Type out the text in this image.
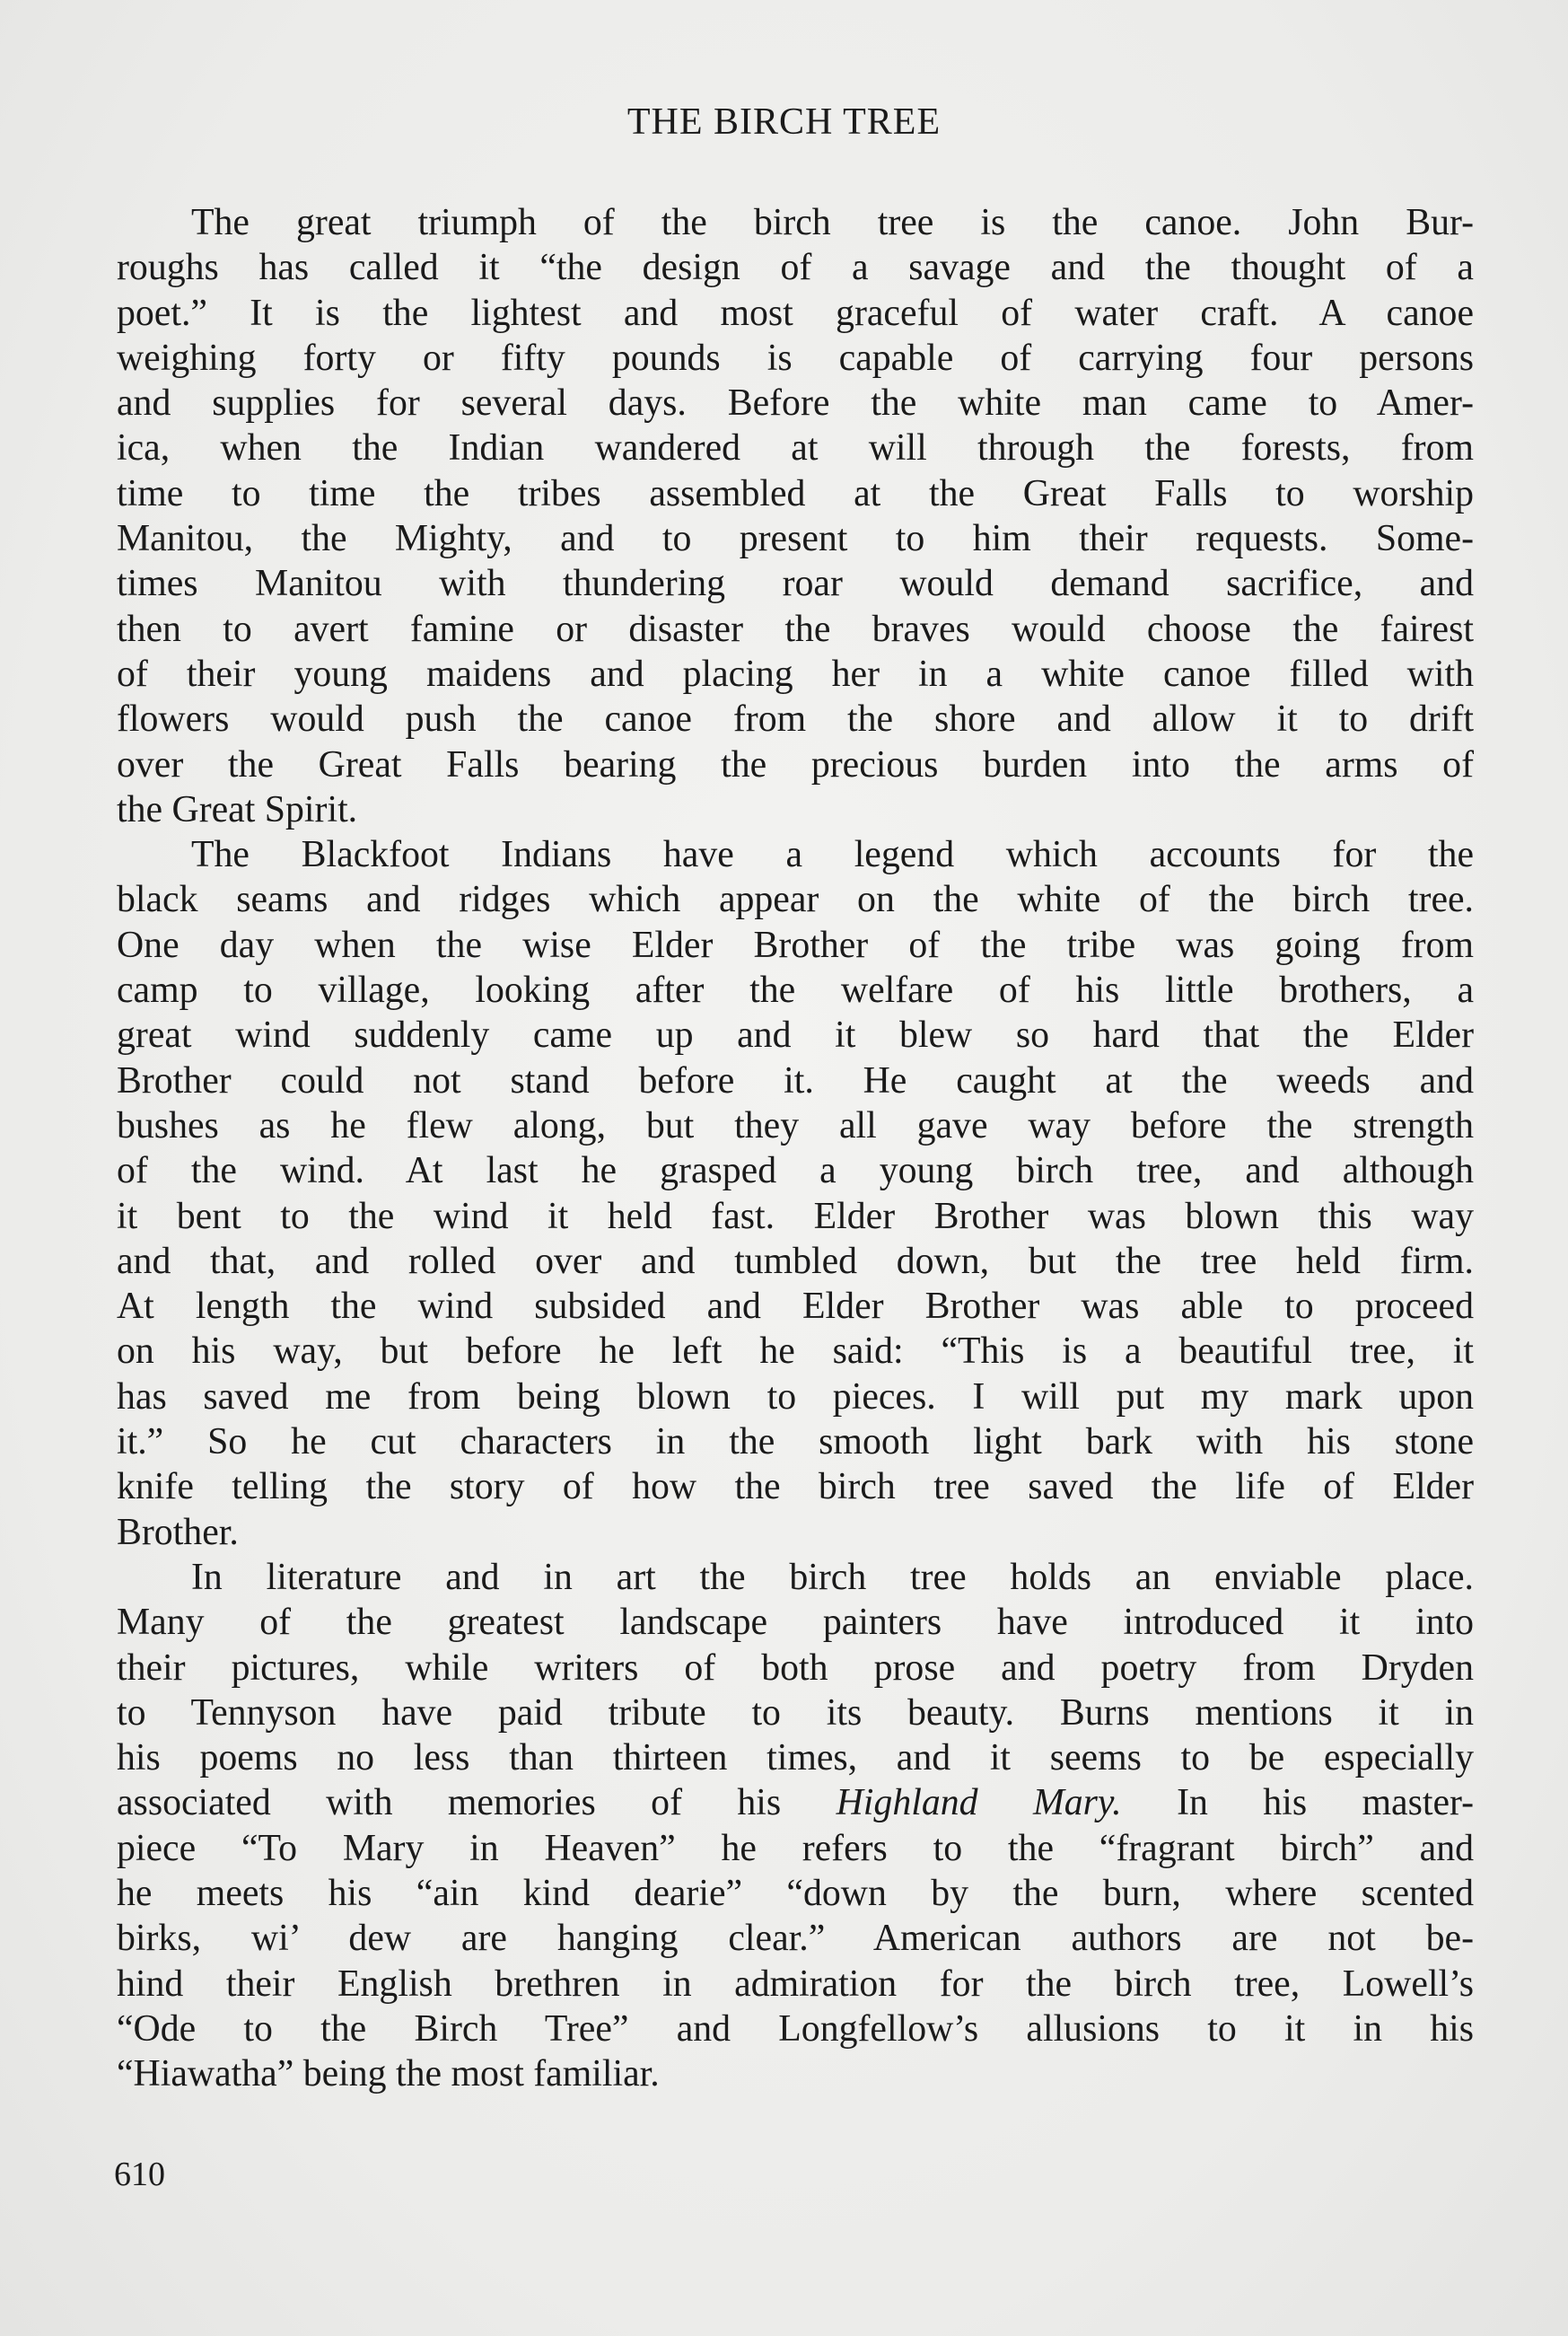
THE BIRCH TREE

The great triumph of the birch tree is the canoe. John Bur-
roughs has called it “the design of a savage and the thought of a
poet.” It is the lightest and most graceful of water craft. A canoe
weighing forty or fifty pounds is capable of carrying four persons
and supplies for several days. Before the white man came to Amer-
ica, when the Indian wandered at will through the forests, from
time to time the tribes assembled at the Great Falls to worship
Manitou, the Mighty, and to present to him their requests. Some-
times Manitou with thundering roar would demand sacrifice, and
then to avert famine or disaster the braves would choose the fairest
of their young maidens and placing her in a white canoe filled with
flowers would push the canoe from the shore and allow it to drift
over the Great Falls bearing the precious burden into the arms of
the Great Spirit.

The Blackfoot Indians have a legend which accounts for the
black seams and ridges which appear on the white of the birch tree.
One day when the wise Elder Brother of the tribe was going from
camp to village, looking after the welfare of his little brothers, a
great wind suddenly came up and it blew so hard that the Elder
Brother could not stand before it. He caught at the weeds and
bushes as he flew along, but they all gave way before the strength
of the wind. At last he grasped a young birch tree, and although
it bent to the wind it held fast. Elder Brother was blown this way
and that, and rolled over and tumbled down, but the tree held firm.
At length the wind subsided and Elder Brother was able to proceed
on his way, but before he left he said: “This is a beautiful tree, it
has saved me from being blown to pieces. I will put my mark upon
it.” So he cut characters in the smooth light bark with his stone
knife telling the story of how the birch tree saved the life of Elder
Brother.

In literature and in art the birch tree holds an enviable place.
Many of the greatest landscape painters have introduced it into
their pictures, while writers of both prose and poetry from Dryden
to Tennyson have paid tribute to its beauty. Burns mentions it in
his poems no less than thirteen times, and it seems to be especially
associated with memories of his Highland Mary. In his master-
piece “To Mary in Heaven” he refers to the “fragrant birch” and
he meets his “ain kind dearie” “down by the burn, where scented
birks, wi’ dew are hanging clear.” American authors are not be-
hind their English brethren in admiration for the birch tree, Lowell’s
“Ode to the Birch Tree” and Longfellow’s allusions to it in his
“Hiawatha” being the most familiar.

610
